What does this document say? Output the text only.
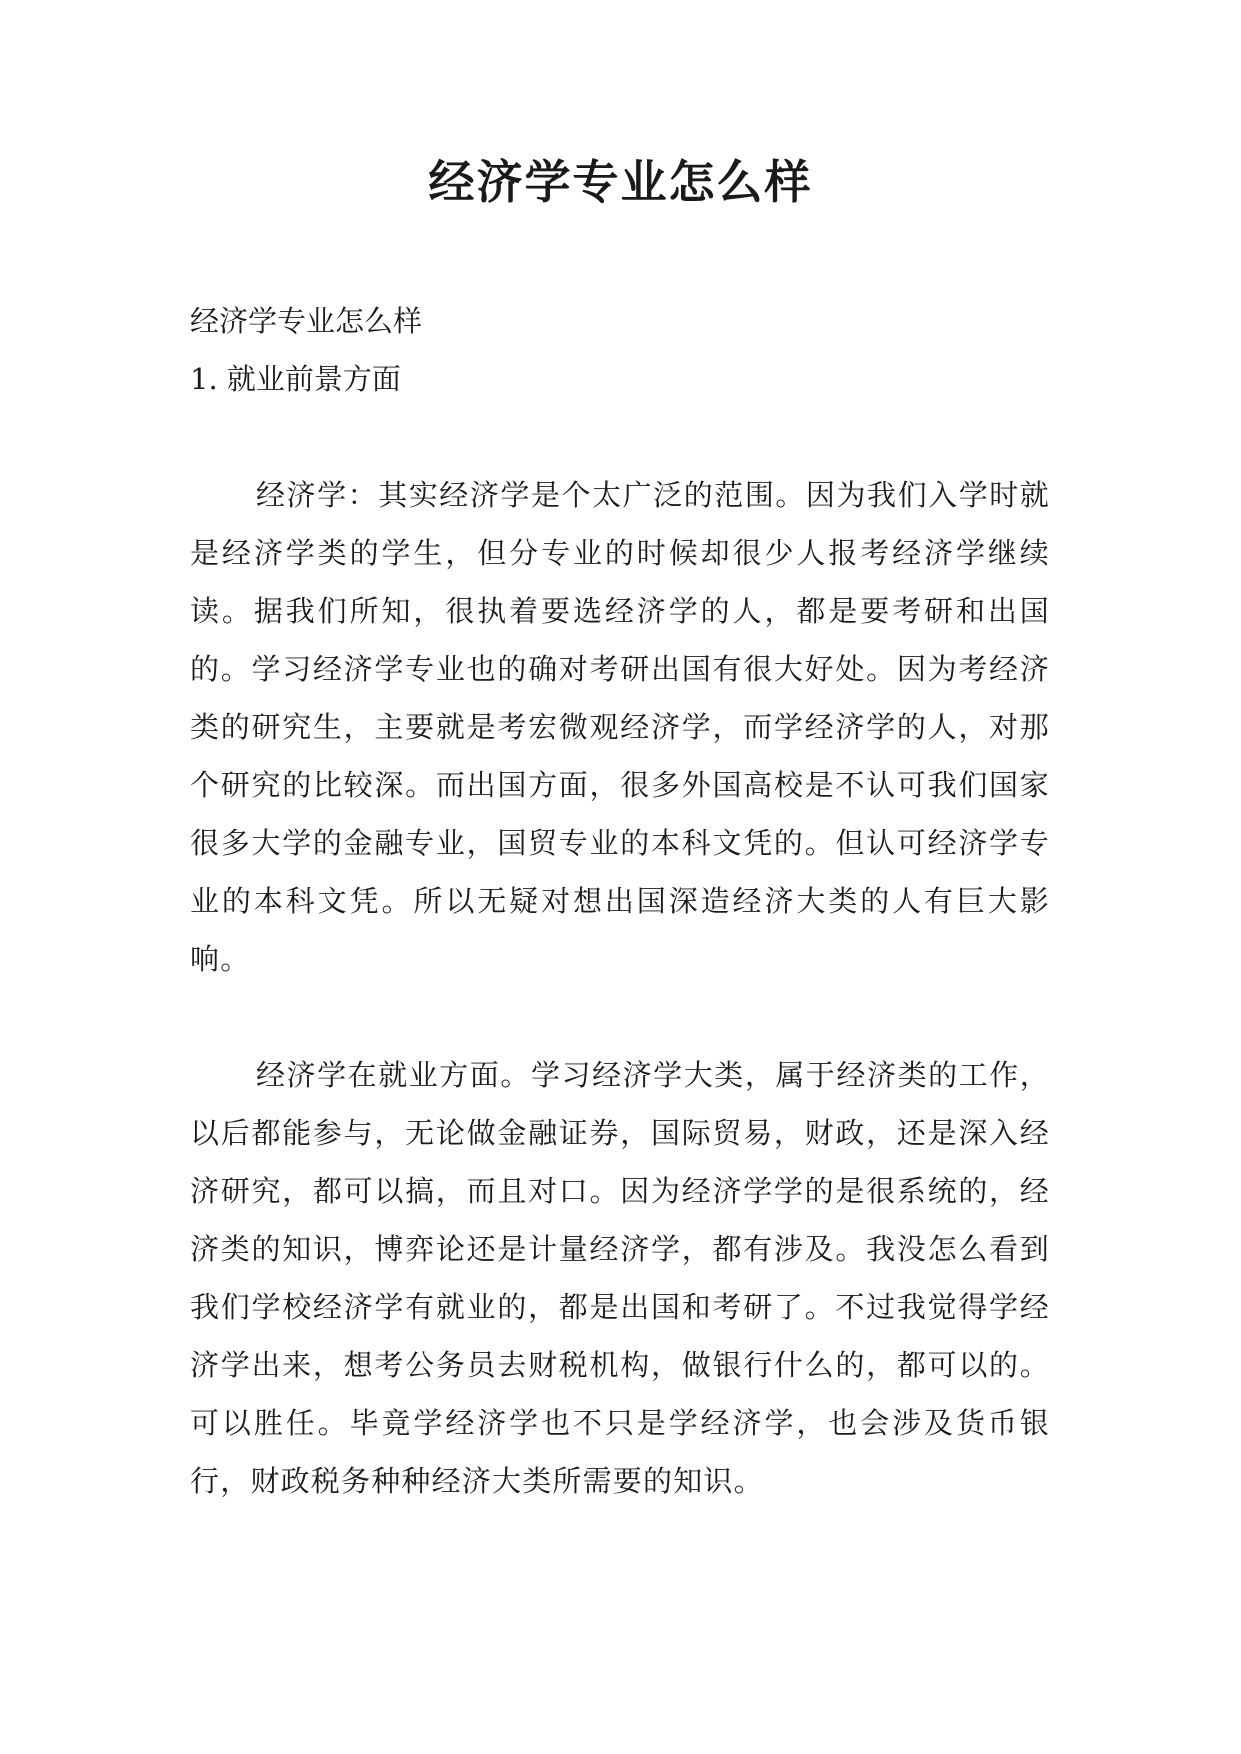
经济学专业怎么样

经济学专业怎么样

1. 就业前景方面

经济学：其实经济学是个太广泛的范围。因为我们入学时就是经济学类的学生，但分专业的时候却很少人报考经济学继续读。据我们所知，很执着要选经济学的人，都是要考研和出国的。学习经济学专业也的确对考研出国有很大好处。因为考经济类的研究生，主要就是考宏微观经济学，而学经济学的人，对那个研究的比较深。而出国方面，很多外国高校是不认可我们国家很多大学的金融专业，国贸专业的本科文凭的。但认可经济学专业的本科文凭。所以无疑对想出国深造经济大类的人有巨大影响。

经济学在就业方面。学习经济学大类，属于经济类的工作，以后都能参与，无论做金融证券，国际贸易，财政，还是深入经济研究，都可以搞，而且对口。因为经济学学的是很系统的，经济类的知识，博弈论还是计量经济学，都有涉及。我没怎么看到我们学校经济学有就业的，都是出国和考研了。不过我觉得学经济学出来，想考公务员去财税机构，做银行什么的，都可以的。可以胜任。毕竟学经济学也不只是学经济学，也会涉及货币银行，财政税务种种经济大类所需要的知识。
